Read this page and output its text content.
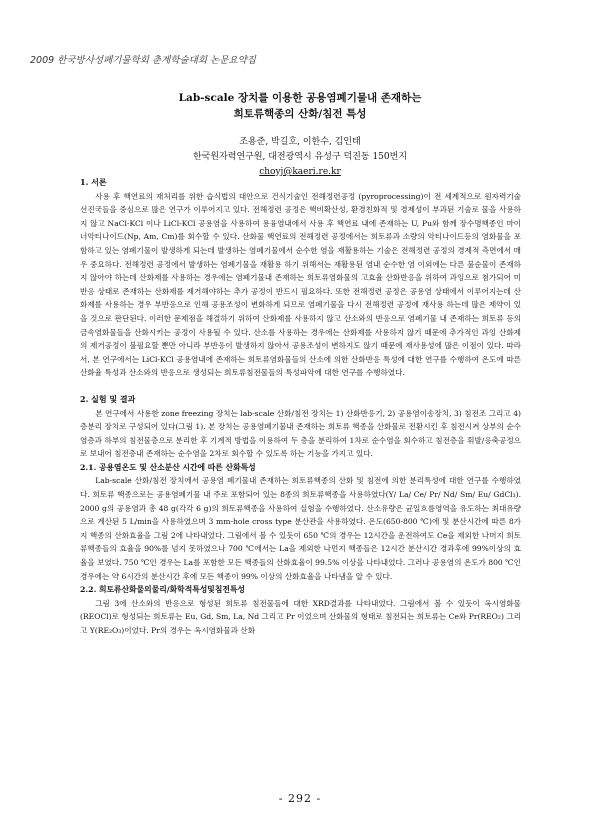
2009 한국방사성폐기물학회 춘계학술대회 논문요약집
Lab-scale 장치를 이용한 공용염폐기물내 존재하는
희토류핵종의 산화/침전 특성
조용준, 박길호, 이한수, 김인태
한국원자력연구원, 대전광역시 유성구 덕진동 150번지
choyj@kaeri.re.kr
1. 서론

사용 후 핵연료의 재처리를 위한 습식법의 대안으로 건식기술인 전해정련공정 (pyroprocessing)이 전 세계적으로 원자력기술 선진국들을 중심으로 많은 연구가 이루어지고 있다. 전해정련 공정은 핵비확산성, 환경친화적 및 경제성이 부과된 기술로 물을 사용하지 않고 NaCl-KCl 이나 LiCl-KCl 공용염을 사용하여 용융염내에서 사용 후 핵연료 내에 존재하는 U, Pu와 함께 장수명핵종인 마이너악티나이드(Np, Am, Cm)를 회수할 수 있다. 산화물 핵연료의 전해정련 공정에서는 희토류과 소량의 악티나이드등의 염화물을 포함하고 있는 염폐기물이 발생하게 되는데 발생하는 염폐기물에서 순수한 염을 재활용하는 기술은 전해정련 공정의 경제적 측면에서 매우 중요하다. 전해정련 공정에서 발생하는 염폐기물을 재활용 하기 위해서는 재활용된 염내 순수한 염 이외에는 다른 불순물이 존재하지 않아야 하는데 산화제를 사용하는 경우에는 염폐기물내 존재하는 희토류염화물의 고효율 산화반응을 위하여 과잉으로 첨가되어 미반응 상태로 존재하는 산화제를 제거해야하는 추가 공정이 반드시 필요하다. 또한 전해정련 공정은 공용염 상태에서 이루어지는데 산화제를 사용하는 경우 부반응으로 인해 공용조성이 변화하게 되므로 염폐기물을 다시 전해정련 공정에 재사용 하는데 많은 제약이 있을 것으로 판단된다. 이러한 문제점을 해결하기 위하여 산화제를 사용하지 않고 산소와의 반응으로 염폐기물 내 존재하는 희토류 등의 금속염화물들을 산화시키는 공정이 사용될 수 있다. 산소를 사용하는 경우에는 산화제를 사용하지 않기 때문에 추가적인 과잉 산화제의 제거공정이 불필요할 뿐만 아니라 부반응이 발생하지 않아서 공용조성이 변하지도 않기 때문에 재사용성에 많은 이점이 있다. 따라서, 본 연구에서는 LiCl-KCl 공용염내에 존재하는 희토류염화물들의 산소에 의한 산화반응 특성에 대한 연구를 수행하여 온도에 따른 산화율 특성과 산소와의 반응으로 생성되는 희토류침전물들의 특성파악에 대한 연구를 수행하였다.

2. 실험 및 결과

본 연구에서 사용한 zone freezing 장치는 lab-scale 산화/침전 장치는 1) 산화반응기, 2) 공용염이송장치, 3) 침전조 그리고 4) 층분리 장치로 구성되어 있다(그림 1). 본 장치는 공용염폐기물내 존재하는 희토류 핵종을 산화물로 전환시킨 후 침전시켜 상부의 순수염층과 하부의 침전물층으로 분리한 후 기계적 방법을 이용하여 두 층을 분리하여 1차로 순수염을 회수하고 침전층을 휘발/응축공정으로 보내어 침전층내 존재하는 순수염을 2차로 회수할 수 있도록 하는 기능을 가지고 있다.

2.1. 공용염온도 및 산소분산 시간에 따른 산화특성

Lab-scale 산화/침전 장치에서 공용염 폐기물내 존재하는 희토류핵종의 산화 및 침전에 의한 분리특성에 대한 연구를 수행하였다. 희토류 핵종으로는 공용염폐기물 내 주로 포함되어 있는 8종의 희토류핵종을 사용하였다(Y/ La/ Ce/ Pr/ Nd/ Sm/ Eu/ GdCl₃). 2000 g의 공용염과 총 48 g(각각 6 g)의 희토류핵종을 사용하여 실험을 수행하였다. 산소유량은 균일흐름영역을 유도하는 최대유량으로 계산된 5 L/min을 사용하였으며 3 mm-hole cross type 분산관을 사용하였다. 온도(650-800 ℃)에 및 분산시간에 따른 8가지 핵종의 산화효율을 그림 2에 나타내었다. 그림에서 볼 수 있듯이 650 ℃의 경우는 12시간을 운전하여도 Ce을 제외한 나머지 희토류핵종들의 효율을 90%를 넘지 못하였으나 700 ℃에서는 La을 제외한 나먼지 핵종들은 12시간 분산시간 경과후에 99%이상의 효율을 보였다. 750 ℃인 경우는 La를 포함한 모든 핵종들의 산화효율이 99.5% 이상을 나타내었다. 그러나 공용염의 온도가 800 ℃인 경우에는 약 6시간의 분산시간 후에 모든 핵종이 99% 이상의 산화효율을 나타냄을 알 수 있다.

2.2. 희토류산화물의물리/화학적특성및침전특성

그림 3에 산소와의 반응으로 형성된 희토류 침전물들에 대한 XRD결과를 나타내었다. 그림에서 볼 수 있듯이 옥시염화물(REOCl)로 형성되는 희토류는 Eu, Gd, Sm, La, Nd 그리고 Pr 이었으며 산화물의 형태로 침전되는 희토류는 Ce와 Pr(REO₂) 그리고 Y(RE₂O₃)이었다. Pr의 경우는 옥시염화물과 산화

- 292 -
